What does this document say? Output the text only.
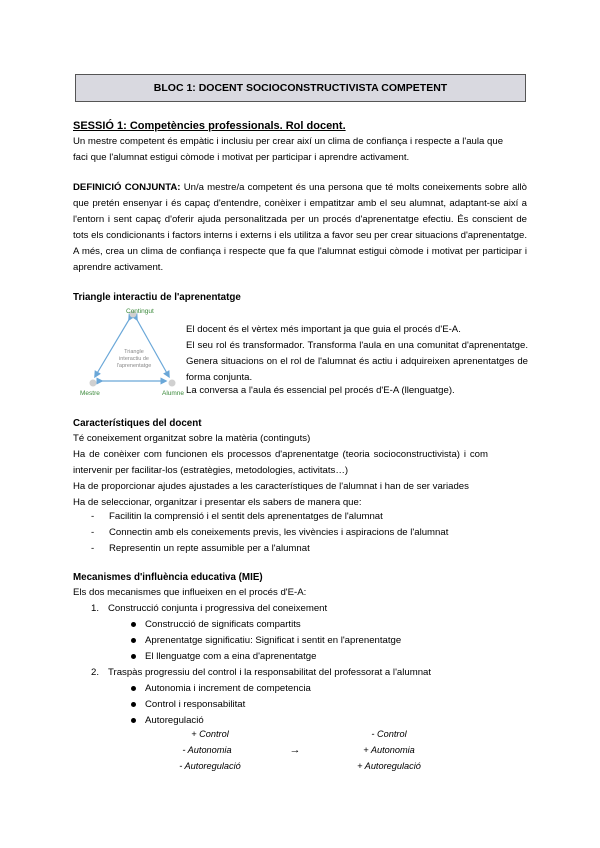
BLOC 1: DOCENT SOCIOCONSTRUCTIVISTA COMPETENT
SESSIÓ 1: Competències professionals. Rol docent.
Un mestre competent és empàtic i inclusiu per crear així un clima de confiança i respecte a l'aula que
faci que l'alumnat estigui còmode i motivat per participar i aprendre activament.
DEFINICIÓ CONJUNTA: Un/a mestre/a competent és una persona que té molts coneixements sobre allò que pretén ensenyar i és capaç d'entendre, conèixer i empatitzar amb el seu alumnat, adaptant-se així a l'entorn i sent capaç d'oferir ajuda personalitzada per un procés d'aprenentatge efectiu. És conscient de tots els condicionants i factors interns i externs i els utilitza a favor seu per crear situacions d'aprenentatge. A més, crea un clima de confiança i respecte que fa que l'alumnat estigui còmode i motivat per participar i aprendre activament.
Triangle interactiu de l'aprenentatge
Contingut
Mestre	Alumne
Triangle
interactiu de
l'aprenentatge
El docent és el vèrtex més important ja que guia el procés d'E-A.
El seu rol és transformador. Transforma l'aula en una comunitat d'aprenentatge. Genera situacions on el rol de l'alumnat és actiu i adquireixen aprenentatges de forma conjunta.
La conversa a l'aula és essencial pel procés d'E-A (llenguatge).
Característiques del docent
Té coneixement organitzat sobre la matèria (continguts)
Ha de conèixer com funcionen els processos d'aprenentatge (teoria socioconstructivista) i com
intervenir per facilitar-los (estratègies, metodologies, activitats…)
Ha de proporcionar ajudes ajustades a les característiques de l'alumnat i han de ser variades
Ha de seleccionar, organitzar i presentar els sabers de manera que:
- Facilitin la comprensió i el sentit dels aprenentatges de l'alumnat
- Connectin amb els coneixements previs, les vivències i aspiracions de l'alumnat
- Representin un repte assumible per a l'alumnat
Mecanismes d'influència educativa (MIE)
Els dos mecanismes que influeixen en el procés d'E-A:
1. Construcció conjunta i progressiva del coneixement
Construcció de significats compartits
Aprenentatge significatiu: Significat i sentit en l'aprenentatge
El llenguatge com a eina d'aprenentatge
2. Traspàs progressiu del control i la responsabilitat del professorat a l'alumnat
Autonomia i increment de competencia
Control i responsabilitat
Autoregulació
+ Control
- Autonomia
- Autoregulació
→
- Control
+ Autonomia
+ Autoregulació
